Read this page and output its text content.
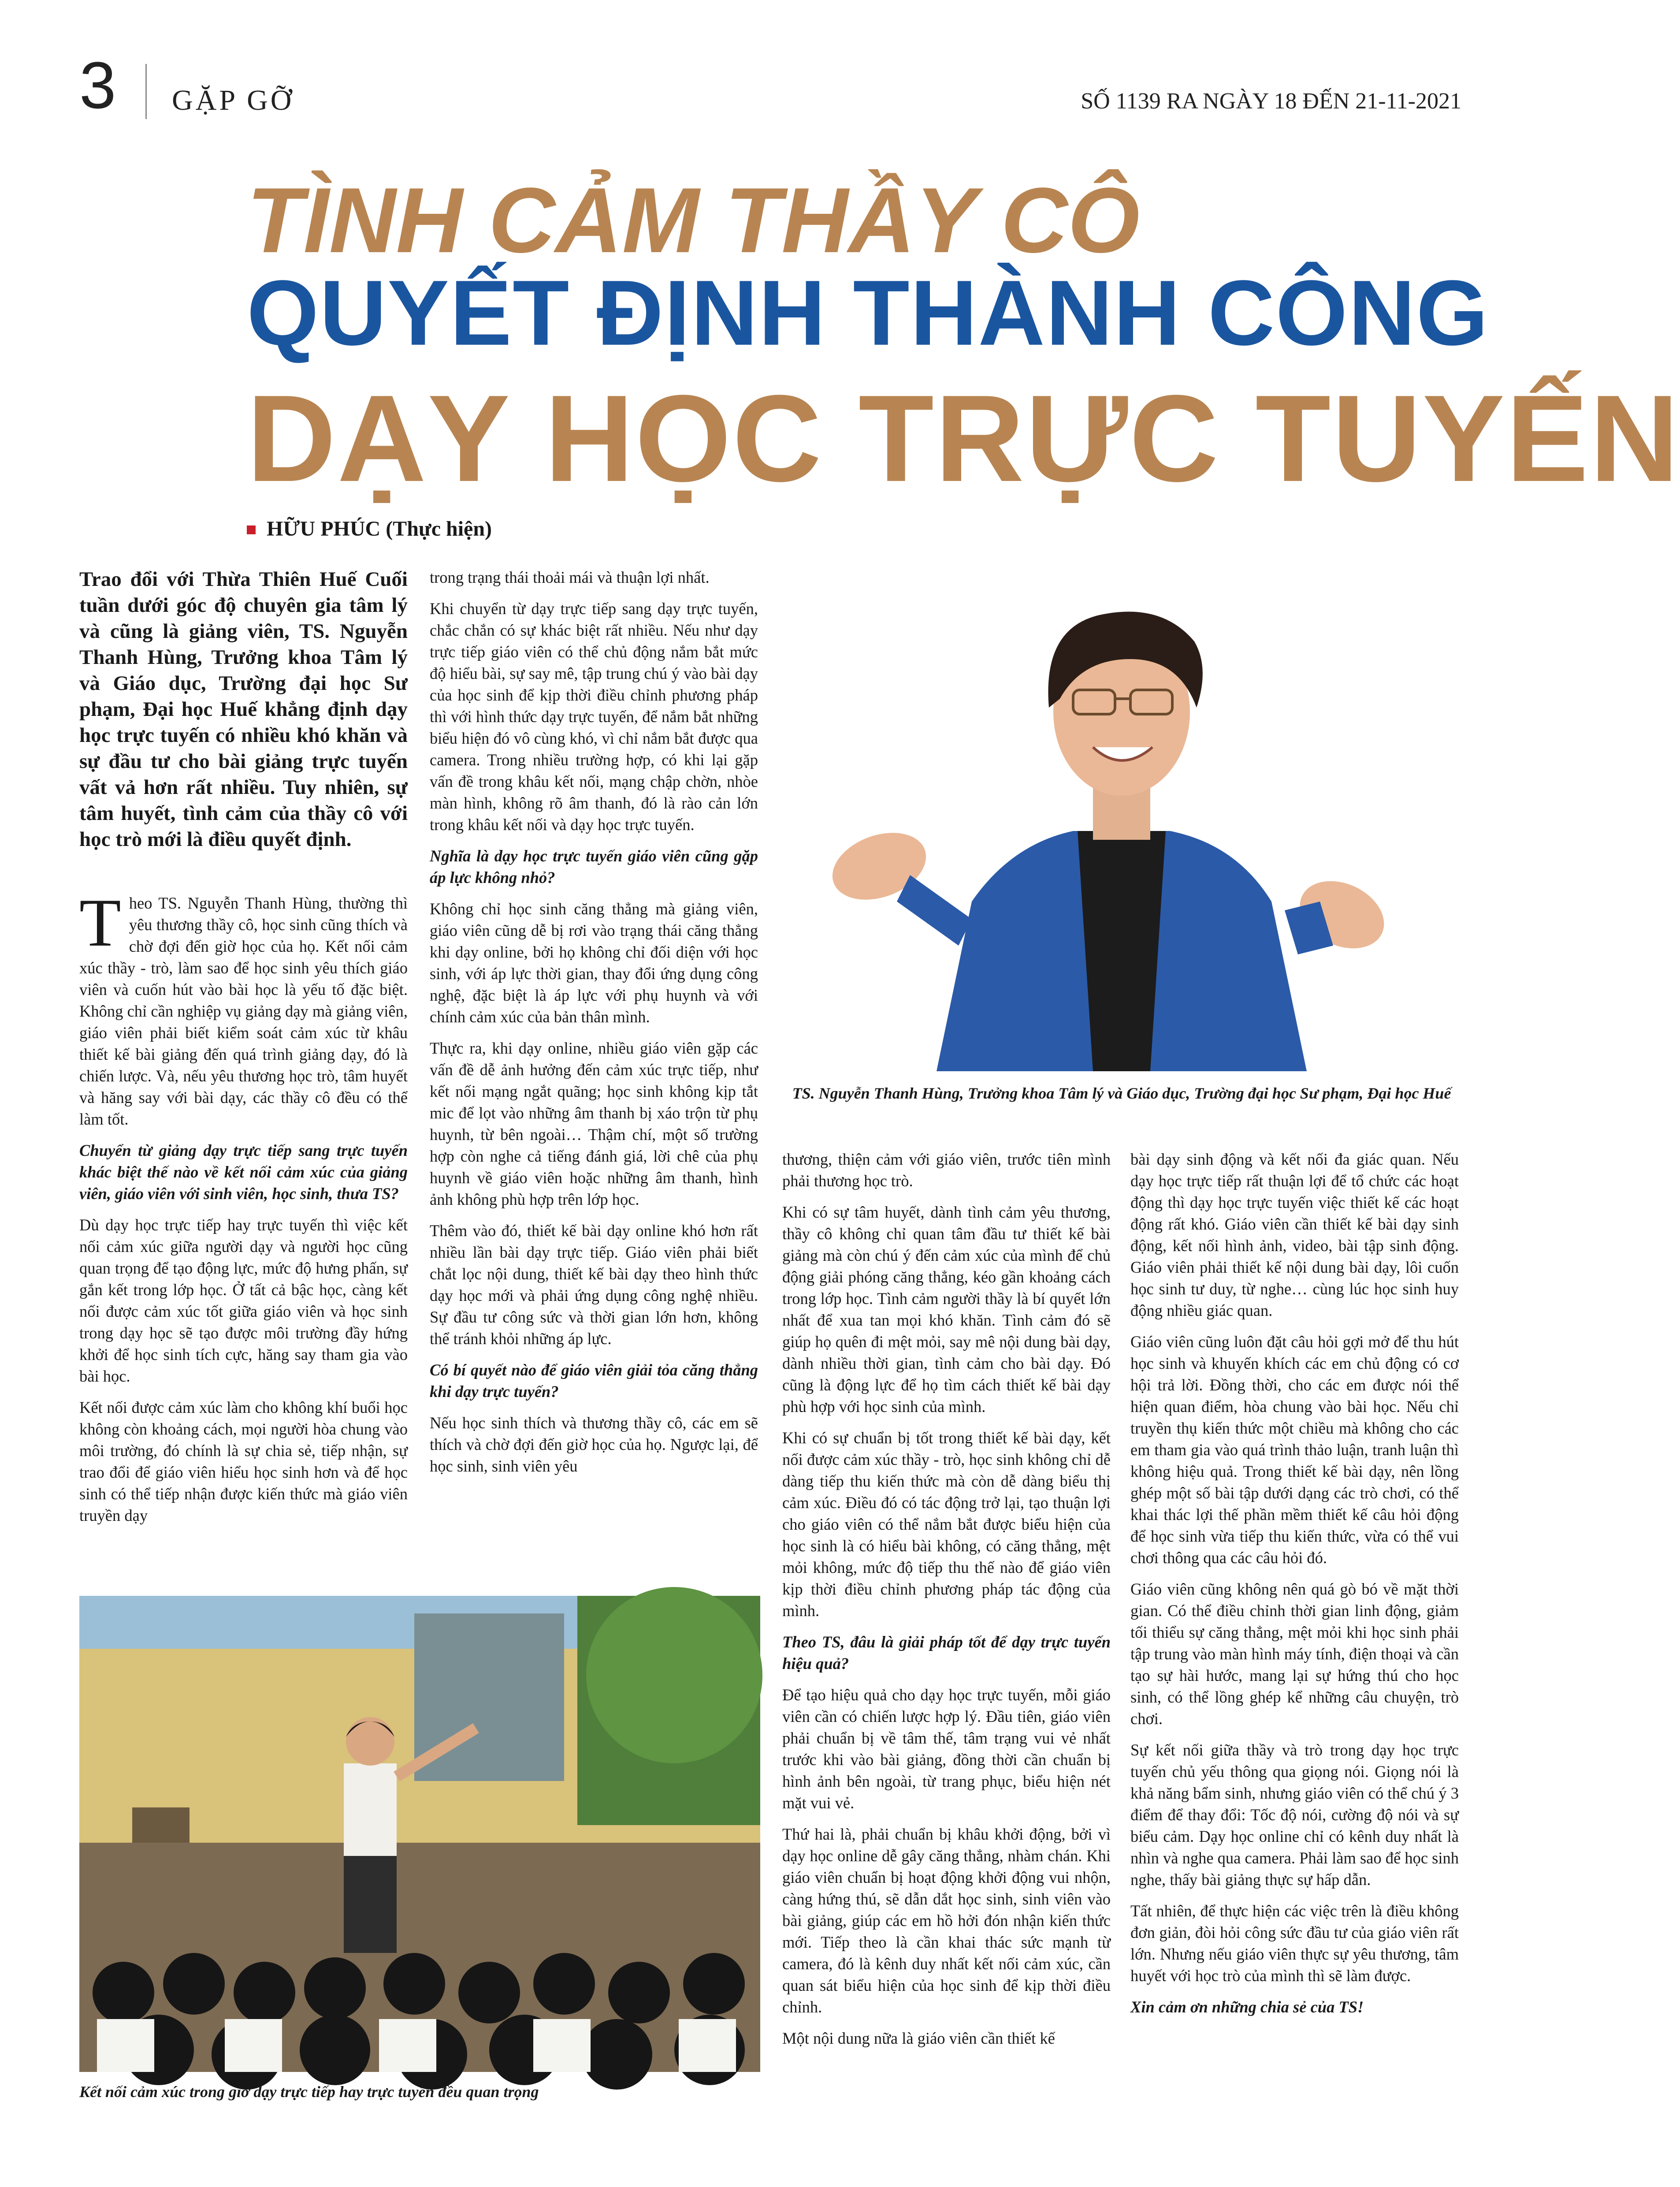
3 GẶP GỠ	SỐ 1139 RA NGÀY 18 ĐẾN 21-11-2021
TÌNH CẢM THẦY CÔ
QUYẾT ĐỊNH THÀNH CÔNG
DẠY HỌC TRỰC TUYẾN
HỮU PHÚC (Thực hiện)

Trao đổi với Thừa Thiên Huế Cuối tuần dưới góc độ chuyên gia tâm lý và cũng là giảng viên, TS. Nguyễn Thanh Hùng, Trưởng khoa Tâm lý và Giáo dục, Trường đại học Sư phạm, Đại học Huế khẳng định dạy học trực tuyến có nhiều khó khăn và sự đầu tư cho bài giảng trực tuyến vất vả hơn rất nhiều. Tuy nhiên, sự tâm huyết, tình cảm của thầy cô với học trò mới là điều quyết định.

Theo TS. Nguyễn Thanh Hùng, thường thì yêu thương thầy cô, học sinh cũng thích và chờ đợi đến giờ học của họ. Kết nối cảm xúc thầy - trò, làm sao để học sinh yêu thích giáo viên và cuốn hút vào bài học là yếu tố đặc biệt. Không chỉ cần nghiệp vụ giảng dạy mà giảng viên, giáo viên phải biết kiểm soát cảm xúc từ khâu thiết kế bài giảng đến quá trình giảng dạy, đó là chiến lược. Và, nếu yêu thương học trò, tâm huyết và hăng say với bài dạy, các thầy cô đều có thể làm tốt.

Chuyển từ giảng dạy trực tiếp sang trực tuyến khác biệt thế nào về kết nối cảm xúc của giảng viên, giáo viên với sinh viên, học sinh, thưa TS?

Dù dạy học trực tiếp hay trực tuyến thì việc kết nối cảm xúc giữa người dạy và người học cũng quan trọng để tạo động lực, mức độ hưng phấn, sự gắn kết trong lớp học. Ở tất cả bậc học, càng kết nối được cảm xúc tốt giữa giáo viên và học sinh trong dạy học sẽ tạo được môi trường đầy hứng khởi để học sinh tích cực, hăng say tham gia vào bài học.

Kết nối được cảm xúc làm cho không khí buổi học không còn khoảng cách, mọi người hòa chung vào môi trường, đó chính là sự chia sẻ, tiếp nhận, sự trao đổi để giáo viên hiểu học sinh hơn và để học sinh có thể tiếp nhận được kiến thức mà giáo viên truyền dạy

trong trạng thái thoải mái và thuận lợi nhất.

Khi chuyển từ dạy trực tiếp sang dạy trực tuyến, chắc chắn có sự khác biệt rất nhiều. Nếu như dạy trực tiếp giáo viên có thể chủ động nắm bắt mức độ hiểu bài, sự say mê, tập trung chú ý vào bài dạy của học sinh để kịp thời điều chỉnh phương pháp thì với hình thức dạy trực tuyến, để nắm bắt những biểu hiện đó vô cùng khó, vì chỉ nắm bắt được qua camera. Trong nhiều trường hợp, có khi lại gặp vấn đề trong khâu kết nối, mạng chập chờn, nhòe màn hình, không rõ âm thanh, đó là rào cản lớn trong khâu kết nối và dạy học trực tuyến.

Nghĩa là dạy học trực tuyến giáo viên cũng gặp áp lực không nhỏ?

Không chỉ học sinh căng thẳng mà giảng viên, giáo viên cũng dễ bị rơi vào trạng thái căng thẳng khi dạy online, bởi họ không chỉ đối diện với học sinh, với áp lực thời gian, thay đổi ứng dụng công nghệ, đặc biệt là áp lực với phụ huynh và với chính cảm xúc của bản thân mình.

Thực ra, khi dạy online, nhiều giáo viên gặp các vấn đề dễ ảnh hưởng đến cảm xúc trực tiếp, như kết nối mạng ngắt quãng; học sinh không kịp tắt mic để lọt vào những âm thanh bị xáo trộn từ phụ huynh, từ bên ngoài… Thậm chí, một số trường hợp còn nghe cả tiếng đánh giá, lời chê của phụ huynh về giáo viên hoặc những âm thanh, hình ảnh không phù hợp trên lớp học.

Thêm vào đó, thiết kế bài dạy online khó hơn rất nhiều lần bài dạy trực tiếp. Giáo viên phải biết chắt lọc nội dung, thiết kế bài dạy theo hình thức dạy học mới và phải ứng dụng công nghệ nhiều. Sự đầu tư công sức và thời gian lớn hơn, không thể tránh khỏi những áp lực.

Có bí quyết nào để giáo viên giải tỏa căng thẳng khi dạy trực tuyến?

Nếu học sinh thích và thương thầy cô, các em sẽ thích và chờ đợi đến giờ học của họ. Ngược lại, để học sinh, sinh viên yêu

TS. Nguyễn Thanh Hùng, Trưởng khoa Tâm lý và Giáo dục, Trường đại học Sư phạm, Đại học Huế

thương, thiện cảm với giáo viên, trước tiên mình phải thương học trò.

Khi có sự tâm huyết, dành tình cảm yêu thương, thầy cô không chỉ quan tâm đầu tư thiết kế bài giảng mà còn chú ý đến cảm xúc của mình để chủ động giải phóng căng thẳng, kéo gần khoảng cách trong lớp học. Tình cảm người thầy là bí quyết lớn nhất để xua tan mọi khó khăn. Tình cảm đó sẽ giúp họ quên đi mệt mỏi, say mê nội dung bài dạy, dành nhiều thời gian, tình cảm cho bài dạy. Đó cũng là động lực để họ tìm cách thiết kế bài dạy phù hợp với học sinh của mình.

Khi có sự chuẩn bị tốt trong thiết kế bài dạy, kết nối được cảm xúc thầy - trò, học sinh không chỉ dễ dàng tiếp thu kiến thức mà còn dễ dàng biểu thị cảm xúc. Điều đó có tác động trở lại, tạo thuận lợi cho giáo viên có thể nắm bắt được biểu hiện của học sinh là có hiểu bài không, có căng thẳng, mệt mỏi không, mức độ tiếp thu thế nào để giáo viên kịp thời điều chỉnh phương pháp tác động của mình.

Theo TS, đâu là giải pháp tốt để dạy trực tuyến hiệu quả?

Để tạo hiệu quả cho dạy học trực tuyến, mỗi giáo viên cần có chiến lược hợp lý. Đầu tiên, giáo viên phải chuẩn bị về tâm thế, tâm trạng vui vẻ nhất trước khi vào bài giảng, đồng thời cần chuẩn bị hình ảnh bên ngoài, từ trang phục, biểu hiện nét mặt vui vẻ.

Thứ hai là, phải chuẩn bị khâu khởi động, bởi vì dạy học online dễ gây căng thẳng, nhàm chán. Khi giáo viên chuẩn bị hoạt động khởi động vui nhộn, càng hứng thú, sẽ dẫn dắt học sinh, sinh viên vào bài giảng, giúp các em hồ hởi đón nhận kiến thức mới. Tiếp theo là cần khai thác sức mạnh từ camera, đó là kênh duy nhất kết nối cảm xúc, cần quan sát biểu hiện của học sinh để kịp thời điều chỉnh.

Một nội dung nữa là giáo viên cần thiết kế

bài dạy sinh động và kết nối đa giác quan. Nếu dạy học trực tiếp rất thuận lợi để tổ chức các hoạt động thì dạy học trực tuyến việc thiết kế các hoạt động rất khó. Giáo viên cần thiết kế bài dạy sinh động, kết nối hình ảnh, video, bài tập sinh động. Giáo viên phải thiết kế nội dung bài dạy, lôi cuốn học sinh tư duy, từ nghe… cùng lúc học sinh huy động nhiều giác quan.

Giáo viên cũng luôn đặt câu hỏi gợi mở để thu hút học sinh và khuyến khích các em chủ động có cơ hội trả lời. Đồng thời, cho các em được nói thể hiện quan điểm, hòa chung vào bài học. Nếu chỉ truyền thụ kiến thức một chiều mà không cho các em tham gia vào quá trình thảo luận, tranh luận thì không hiệu quả. Trong thiết kế bài dạy, nên lồng ghép một số bài tập dưới dạng các trò chơi, có thể khai thác lợi thế phần mềm thiết kế câu hỏi động để học sinh vừa tiếp thu kiến thức, vừa có thể vui chơi thông qua các câu hỏi đó.

Giáo viên cũng không nên quá gò bó về mặt thời gian. Có thể điều chỉnh thời gian linh động, giảm tối thiểu sự căng thẳng, mệt mỏi khi học sinh phải tập trung vào màn hình máy tính, điện thoại và cần tạo sự hài hước, mang lại sự hứng thú cho học sinh, có thể lồng ghép kể những câu chuyện, trò chơi.

Sự kết nối giữa thầy và trò trong dạy học trực tuyến chủ yếu thông qua giọng nói. Giọng nói là khả năng bẩm sinh, nhưng giáo viên có thể chú ý 3 điểm để thay đổi: Tốc độ nói, cường độ nói và sự biểu cảm. Dạy học online chỉ có kênh duy nhất là nhìn và nghe qua camera. Phải làm sao để học sinh nghe, thấy bài giảng thực sự hấp dẫn.

Tất nhiên, để thực hiện các việc trên là điều không đơn giản, đòi hỏi công sức đầu tư của giáo viên rất lớn. Nhưng nếu giáo viên thực sự yêu thương, tâm huyết với học trò của mình thì sẽ làm được.

Xin cảm ơn những chia sẻ của TS!

Kết nối cảm xúc trong giờ dạy trực tiếp hay trực tuyến đều quan trọng
